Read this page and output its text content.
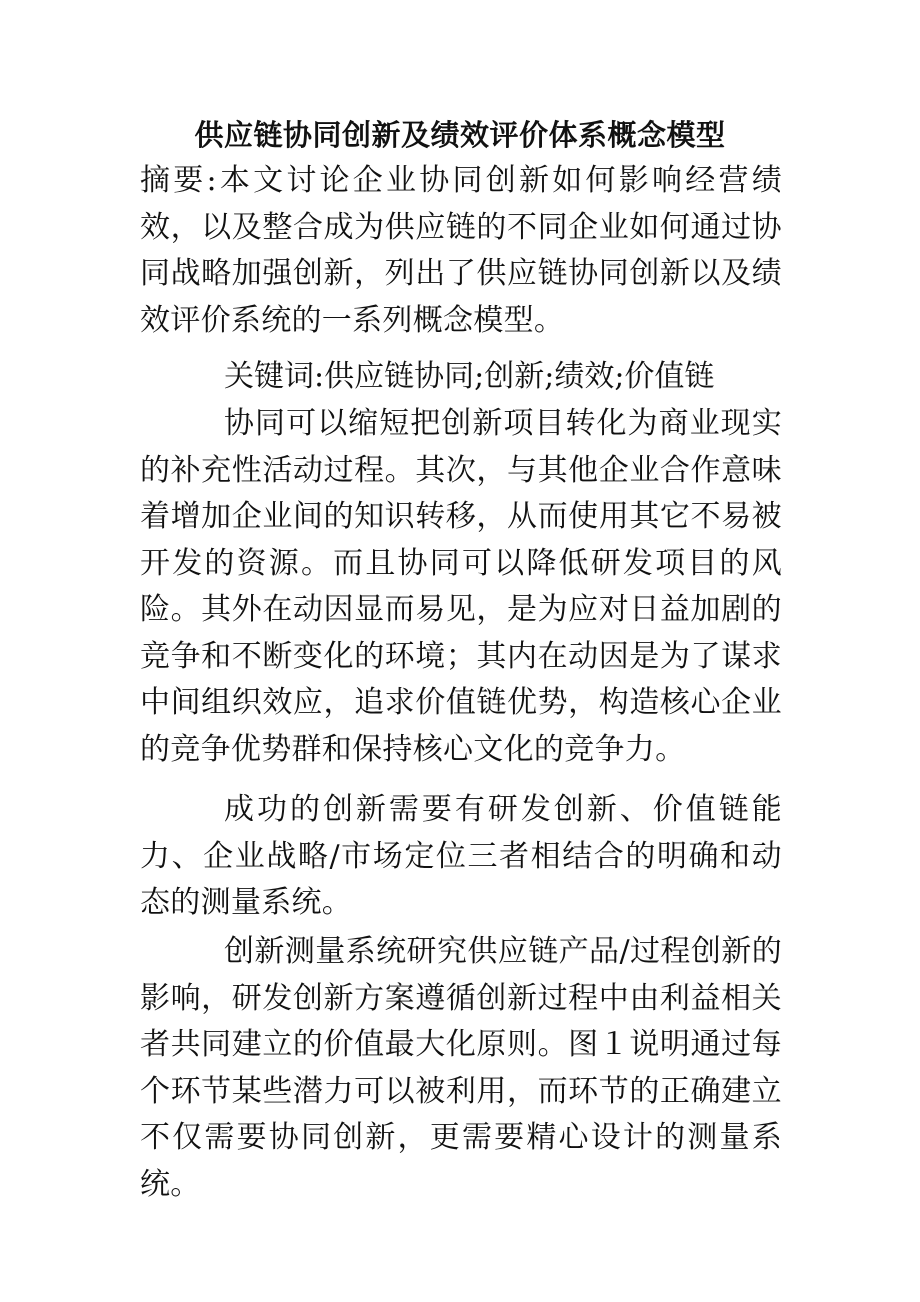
供应链协同创新及绩效评价体系概念模型
摘要:本文讨论企业协同创新如何影响经营绩效，以及整合成为供应链的不同企业如何通过协同战略加强创新，列出了供应链协同创新以及绩效评价系统的一系列概念模型。
关键词:供应链协同;创新;绩效;价值链
协同可以缩短把创新项目转化为商业现实的补充性活动过程。其次，与其他企业合作意味着增加企业间的知识转移，从而使用其它不易被开发的资源。而且协同可以降低研发项目的风险。其外在动因显而易见，是为应对日益加剧的竞争和不断变化的环境；其内在动因是为了谋求中间组织效应，追求价值链优势，构造核心企业的竞争优势群和保持核心文化的竞争力。
成功的创新需要有研发创新、价值链能力、企业战略/市场定位三者相结合的明确和动态的测量系统。
创新测量系统研究供应链产品/过程创新的影响，研发创新方案遵循创新过程中由利益相关者共同建立的价值最大化原则。图１说明通过每个环节某些潜力可以被利用，而环节的正确建立不仅需要协同创新，更需要精心设计的测量系统。
